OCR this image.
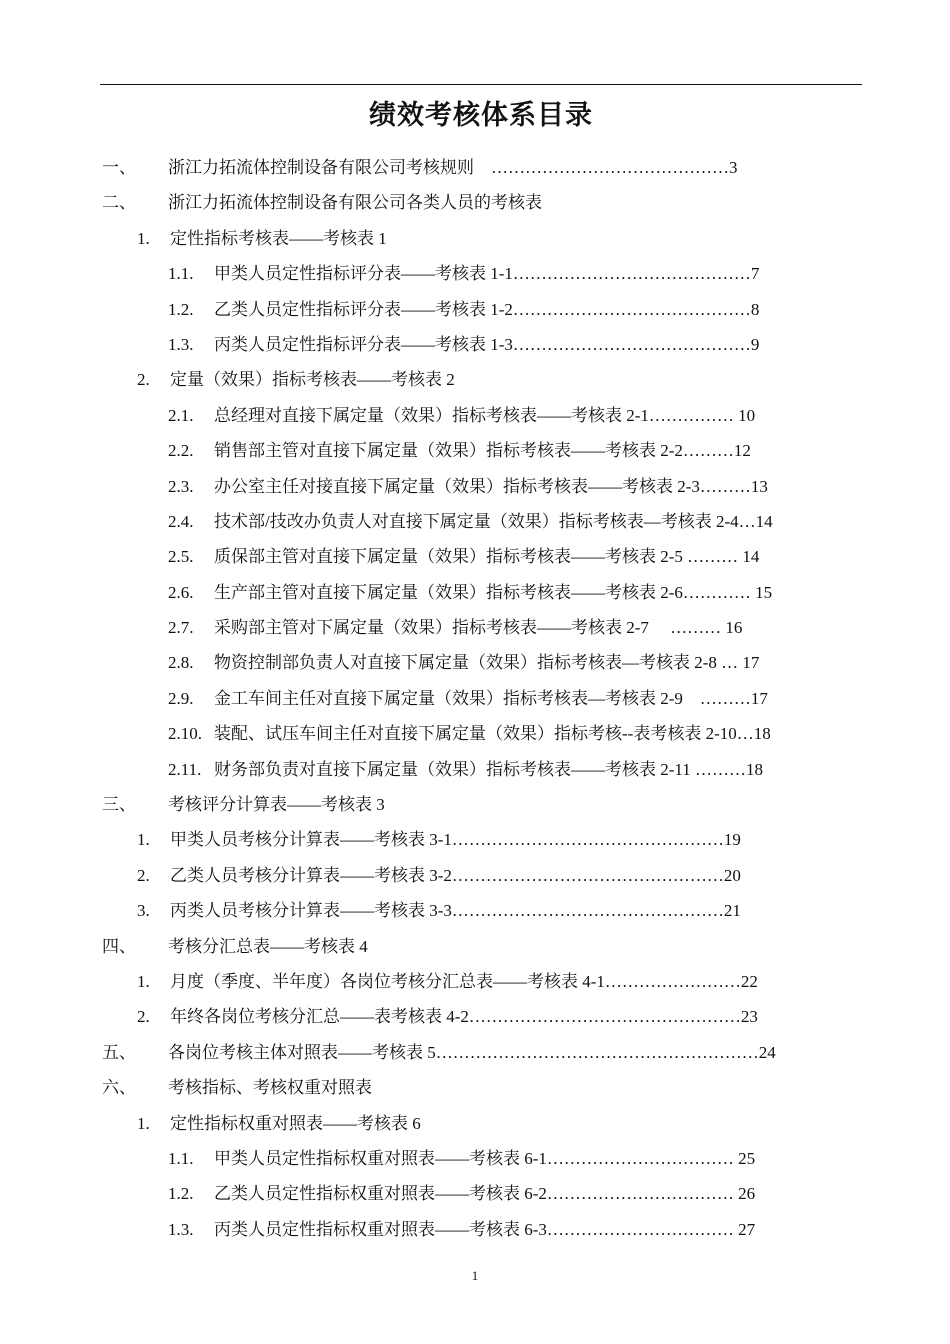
绩效考核体系目录
一、 浙江力拓流体控制设备有限公司考核规则　……………………………………3
二、 浙江力拓流体控制设备有限公司各类人员的考核表
1. 定性指标考核表——考核表 1
1.1. 甲类人员定性指标评分表——考核表 1-1……………………………………7
1.2. 乙类人员定性指标评分表——考核表 1-2……………………………………8
1.3. 丙类人员定性指标评分表——考核表 1-3……………………………………9
2. 定量（效果）指标考核表——考核表 2
2.1. 总经理对直接下属定量（效果）指标考核表——考核表 2-1…………… 10
2.2. 销售部主管对直接下属定量（效果）指标考核表——考核表 2-2………12
2.3. 办公室主任对接直接下属定量（效果）指标考核表——考核表 2-3………13
2.4. 技术部/技改办负责人对直接下属定量（效果）指标考核表—考核表 2-4…14
2.5. 质保部主管对直接下属定量（效果）指标考核表——考核表 2-5 ……… 14
2.6. 生产部主管对直接下属定量（效果）指标考核表——考核表 2-6………… 15
2.7. 采购部主管对下属定量（效果）指标考核表——考核表 2-7　 ……… 16
2.8. 物资控制部负责人对直接下属定量（效果）指标考核表—考核表 2-8 … 17
2.9. 金工车间主任对直接下属定量（效果）指标考核表—考核表 2-9　………17
2.10. 装配、试压车间主任对直接下属定量（效果）指标考核--表考核表 2-10…18
2.11. 财务部负责对直接下属定量（效果）指标考核表——考核表 2-11 ………18
三、 考核评分计算表——考核表 3
1. 甲类人员考核分计算表——考核表 3-1…………………………………………19
2. 乙类人员考核分计算表——考核表 3-2…………………………………………20
3. 丙类人员考核分计算表——考核表 3-3…………………………………………21
四、 考核分汇总表——考核表 4
1. 月度（季度、半年度）各岗位考核分汇总表——考核表 4-1……………………22
2. 年终各岗位考核分汇总——表考核表 4-2…………………………………………23
五、 各岗位考核主体对照表——考核表 5…………………………………………………24
六、 考核指标、考核权重对照表
1. 定性指标权重对照表——考核表 6
1.1. 甲类人员定性指标权重对照表——考核表 6-1…………………………… 25
1.2. 乙类人员定性指标权重对照表——考核表 6-2…………………………… 26
1.3. 丙类人员定性指标权重对照表——考核表 6-3…………………………… 27
1
